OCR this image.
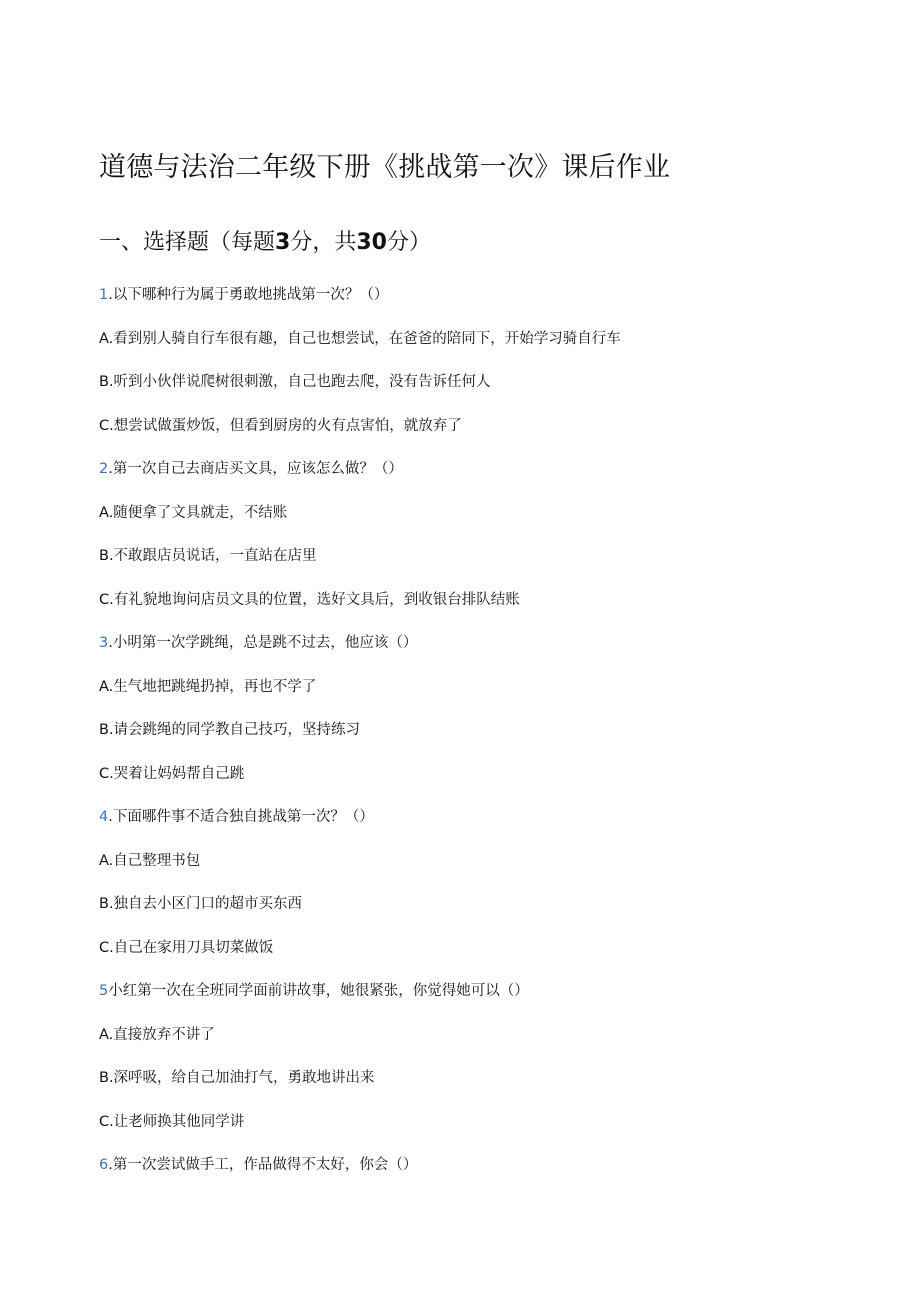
道德与法治二年级下册《挑战第一次》课后作业
一、选择题（每题3分，共30分）
1.以下哪种行为属于勇敢地挑战第一次？（）
A.看到别人骑自行车很有趣，自己也想尝试，在爸爸的陪同下，开始学习骑自行车
B.听到小伙伴说爬树很刺激，自己也跑去爬，没有告诉任何人
C.想尝试做蛋炒饭，但看到厨房的火有点害怕，就放弃了
2.第一次自己去商店买文具，应该怎么做？（）
A.随便拿了文具就走，不结账
B.不敢跟店员说话，一直站在店里
C.有礼貌地询问店员文具的位置，选好文具后，到收银台排队结账
3.小明第一次学跳绳，总是跳不过去，他应该（）
A.生气地把跳绳扔掉，再也不学了
B.请会跳绳的同学教自己技巧，坚持练习
C.哭着让妈妈帮自己跳
4.下面哪件事不适合独自挑战第一次？（）
A.自己整理书包
B.独自去小区门口的超市买东西
C.自己在家用刀具切菜做饭
5小红第一次在全班同学面前讲故事，她很紧张，你觉得她可以（）
A.直接放弃不讲了
B.深呼吸，给自己加油打气，勇敢地讲出来
C.让老师换其他同学讲
6.第一次尝试做手工，作品做得不太好，你会（）
